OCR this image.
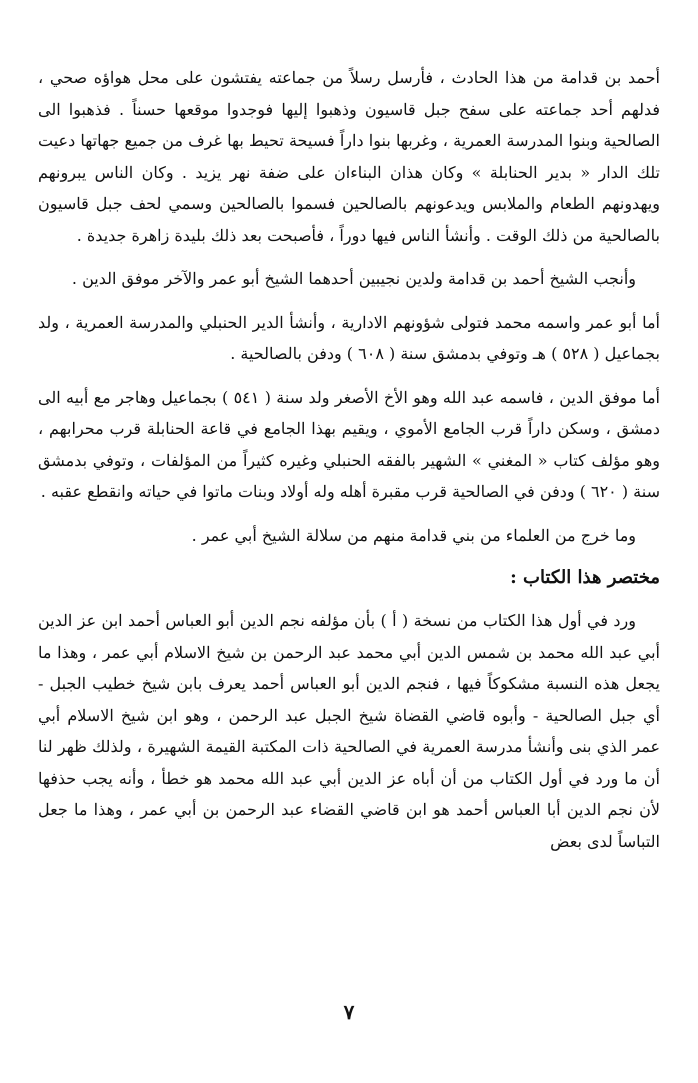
أحمد بن قدامة من هذا الحادث ، فأرسل رسلاً من جماعته يفتشون على محل هواؤه صحي ، فدلهم أحد جماعته على سفح جبل قاسيون وذهبوا إليها فوجدوا موقعها حسناً . فذهبوا الى الصالحية وبنوا المدرسة العمرية ، وغربها بنوا داراً فسيحة تحيط بها غرف من جميع جهاتها دعيت تلك الدار « بدير الحنابلة » وكان هذان البناءان على ضفة نهر يزيد . وكان الناس يبرونهم ويهدونهم الطعام والملابس ويدعونهم بالصالحين فسموا بالصالحين وسمي لحف جبل قاسيون بالصالحية من ذلك الوقت . وأنشأ الناس فيها دوراً ، فأصبحت بعد ذلك بليدة زاهرة جديدة .

وأنجب الشيخ أحمد بن قدامة ولدين نجيبين أحدهما الشيخ أبو عمر والآخر موفق الدين .

أما أبو عمر واسمه محمد فتولى شؤونهم الادارية ، وأنشأ الدير الحنبلي والمدرسة العمرية ، ولد بجماعيل ( ٥٢٨ ) هـ وتوفي بدمشق سنة ( ٦٠٨ ) ودفن بالصالحية .

أما موفق الدين ، فاسمه عبد الله وهو الأخ الأصغر ولد سنة ( ٥٤١ ) بجماعيل وهاجر مع أبيه الى دمشق ، وسكن داراً قرب الجامع الأموي ، ويقيم بهذا الجامع في قاعة الحنابلة قرب محرابهم ، وهو مؤلف كتاب « المغني » الشهير بالفقه الحنبلي وغيره كثيراً من المؤلفات ، وتوفي بدمشق سنة ( ٦٢٠ ) ودفن في الصالحية قرب مقبرة أهله وله أولاد وبنات ماتوا في حياته وانقطع عقبه .

وما خرج من العلماء من بني قدامة منهم من سلالة الشيخ أبي عمر .

مختصر هذا الكتاب :

ورد في أول هذا الكتاب من نسخة ( أ ) بأن مؤلفه نجم الدين أبو العباس أحمد ابن عز الدين أبي عبد الله محمد بن شمس الدين أبي محمد عبد الرحمن بن شيخ الاسلام أبي عمر ، وهذا ما يجعل هذه النسبة مشكوكاً فيها ، فنجم الدين أبو العباس أحمد يعرف بابن شيخ خطيب الجبل - أي جبل الصالحية - وأبوه قاضي القضاة شيخ الجبل عبد الرحمن ، وهو ابن شيخ الاسلام أبي عمر الذي بنى وأنشأ مدرسة العمرية في الصالحية ذات المكتبة القيمة الشهيرة ، ولذلك ظهر لنا أن ما ورد في أول الكتاب من أن أباه عز الدين أبي عبد الله محمد هو خطأ ، وأنه يجب حذفها لأن نجم الدين أبا العباس أحمد هو ابن قاضي القضاء عبد الرحمن بن أبي عمر ، وهذا ما جعل التباساً لدى بعض

٧
